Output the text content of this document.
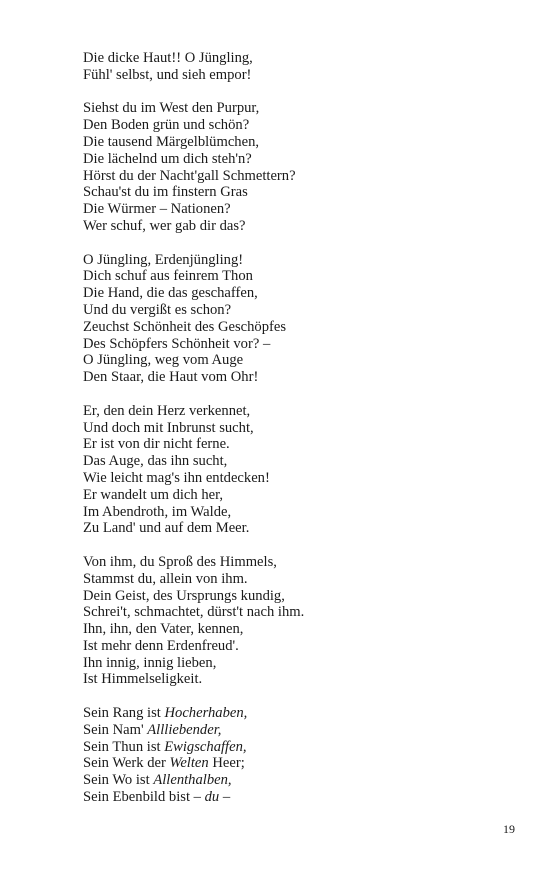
Die dicke Haut!! O Jüngling,
Fühl' selbst, und sieh empor!
Siehst du im West den Purpur,
Den Boden grün und schön?
Die tausend Märgelblümchen,
Die lächelnd um dich steh'n?
Hörst du der Nacht'gall Schmettern?
Schau'st du im finstern Gras
Die Würmer – Nationen?
Wer schuf, wer gab dir das?
O Jüngling, Erdenjüngling!
Dich schuf aus feinrem Thon
Die Hand, die das geschaffen,
Und du vergißt es schon?
Zeuchst Schönheit des Geschöpfes
Des Schöpfers Schönheit vor? –
O Jüngling, weg vom Auge
Den Staar, die Haut vom Ohr!
Er, den dein Herz verkennet,
Und doch mit Inbrunst sucht,
Er ist von dir nicht ferne.
Das Auge, das ihn sucht,
Wie leicht mag's ihn entdecken!
Er wandelt um dich her,
Im Abendroth, im Walde,
Zu Land' und auf dem Meer.
Von ihm, du Sproß des Himmels,
Stammst du, allein von ihm.
Dein Geist, des Ursprungs kundig,
Schrei't, schmachtet, dürst't nach ihm.
Ihn, ihn, den Vater, kennen,
Ist mehr denn Erdenfreud'.
Ihn innig, innig lieben,
Ist Himmelseligkeit.
Sein Rang ist Hocherhaben,
Sein Nam' Allliebender,
Sein Thun ist Ewigschaffen,
Sein Werk der Welten Heer;
Sein Wo ist Allenthalben,
Sein Ebenbild bist – du –
19
